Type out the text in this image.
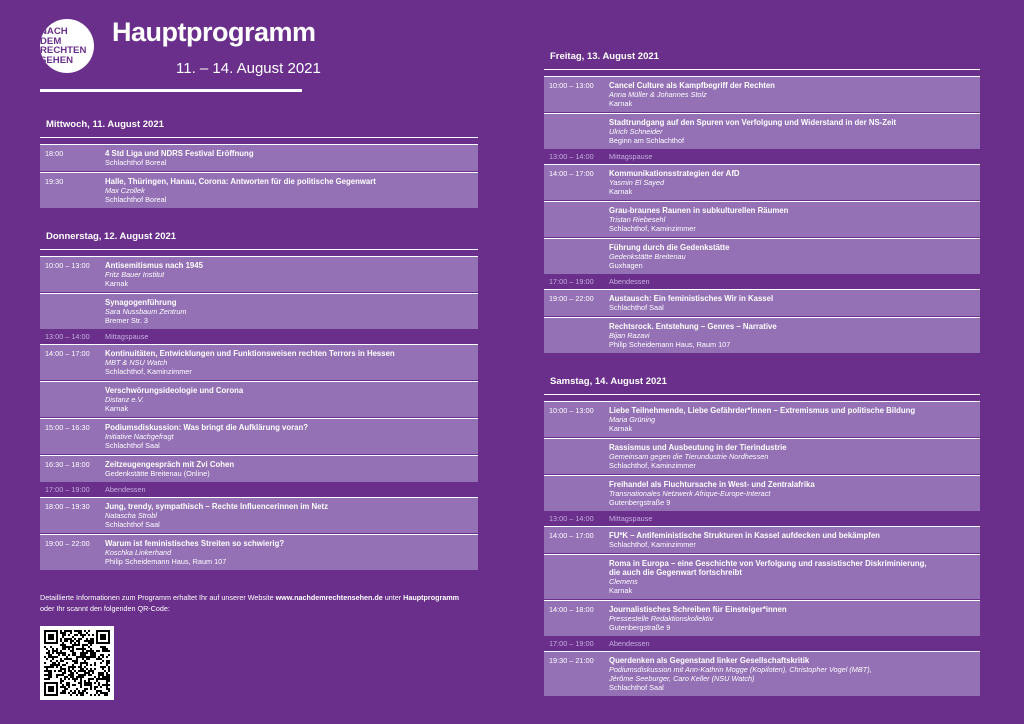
NACH
DEM
RECHTEN
SEHEN
Hauptprogramm
11. – 14. August 2021
Mittwoch, 11. August 2021
18:00	4 Std Liga und NDRS Festival Eröffnung
Schlachthof Boreal
19:30	Halle, Thüringen, Hanau, Corona: Antworten für die politische Gegenwart
Max Czollek
Schlachthof Boreal
Donnerstag, 12. August 2021
10:00 – 13:00	Antisemitismus nach 1945
Fritz Bauer Institut
Karnak
Synagogenführung
Sara Nussbaum Zentrum
Bremer Str. 3
13:00 – 14:00	Mittagspause
14:00 – 17:00	Kontinuitäten, Entwicklungen und Funktionsweisen rechten Terrors in Hessen
MBT & NSU Watch
Schlachthof, Kaminzimmer
Verschwörungsideologie und Corona
Distanz e.V.
Karnak
15:00 – 16:30	Podiumsdiskussion: Was bringt die Aufklärung voran?
Initiative Nachgefragt
Schlachthof Saal
16:30 – 18:00	Zeitzeugengespräch mit Zvi Cohen
Gedenkstätte Breitenau (Online)
17:00 – 19:00	Abendessen
18:00 – 19:30	Jung, trendy, sympathisch – Rechte Influencerinnen im Netz
Natascha Strobl
Schlachthof Saal
19:00 – 22:00	Warum ist feministisches Streiten so schwierig?
Koschka Linkerhand
Philip Scheidemann Haus, Raum 107
Freitag, 13. August 2021
10:00 – 13:00	Cancel Culture als Kampfbegriff der Rechten
Anna Müller & Johannes Stolz
Karnak
Stadtrundgang auf den Spuren von Verfolgung und Widerstand in der NS-Zeit
Ulrich Schneider
Beginn am Schlachthof
13:00 – 14:00	Mittagspause
14:00 – 17:00	Kommunikationsstrategien der AfD
Yasmin El Sayed
Karnak
Grau-braunes Raunen in subkulturellen Räumen
Tristan Riebesehl
Schlachthof, Kaminzimmer
Führung durch die Gedenkstätte
Gedenkstätte Breitenau
Guxhagen
17:00 – 19:00	Abendessen
19:00 – 22:00	Austausch: Ein feministisches Wir in Kassel
Schlachthof Saal
Rechtsrock. Entstehung – Genres – Narrative
Bijan Razavi
Philip Scheidemann Haus, Raum 107
Samstag, 14. August 2021
10:00 – 13:00	Liebe Teilnehmende, Liebe Gefährder*innen – Extremismus und politische Bildung
Maria Grüning
Karnak
Rassismus und Ausbeutung in der Tierindustrie
Gemeinsam gegen die Tierundustrie Nordhessen
Schlachthof, Kaminzimmer
Freihandel als Fluchtursache in West- und Zentralafrika
Transnationales Netzwerk Afrique-Europe-Interact
Gutenbergstraße 9
13:00 – 14:00	Mittagspause
14:00 – 17:00	FU*K – Antifeministische Strukturen in Kassel aufdecken und bekämpfen
Schlachthof, Kaminzimmer
Roma in Europa – eine Geschichte von Verfolgung und rassistischer Diskriminierung,
die auch die Gegenwart fortschreibt
Clemens
Karnak
14:00 – 18:00	Journalistisches Schreiben für Einsteiger*innen
Pressestelle Redaktionskollektiv
Gutenbergstraße 9
17:00 – 19:00	Abendessen
19:30 – 21:00	Querdenken als Gegenstand linker Gesellschaftskritik
Podiumsdiskussion mit Ann-Kathrin Mogge (Kopiloten), Christopher Vogel (MBT),
Jérôme Seeburger, Caro Keller (NSU Watch)
Schlachthof Saal
Detaillierte Informationen zum Programm erhaltet Ihr auf unserer Website www.nachdemrechtensehen.de unter Hauptprogramm
oder Ihr scannt den folgenden QR-Code:
